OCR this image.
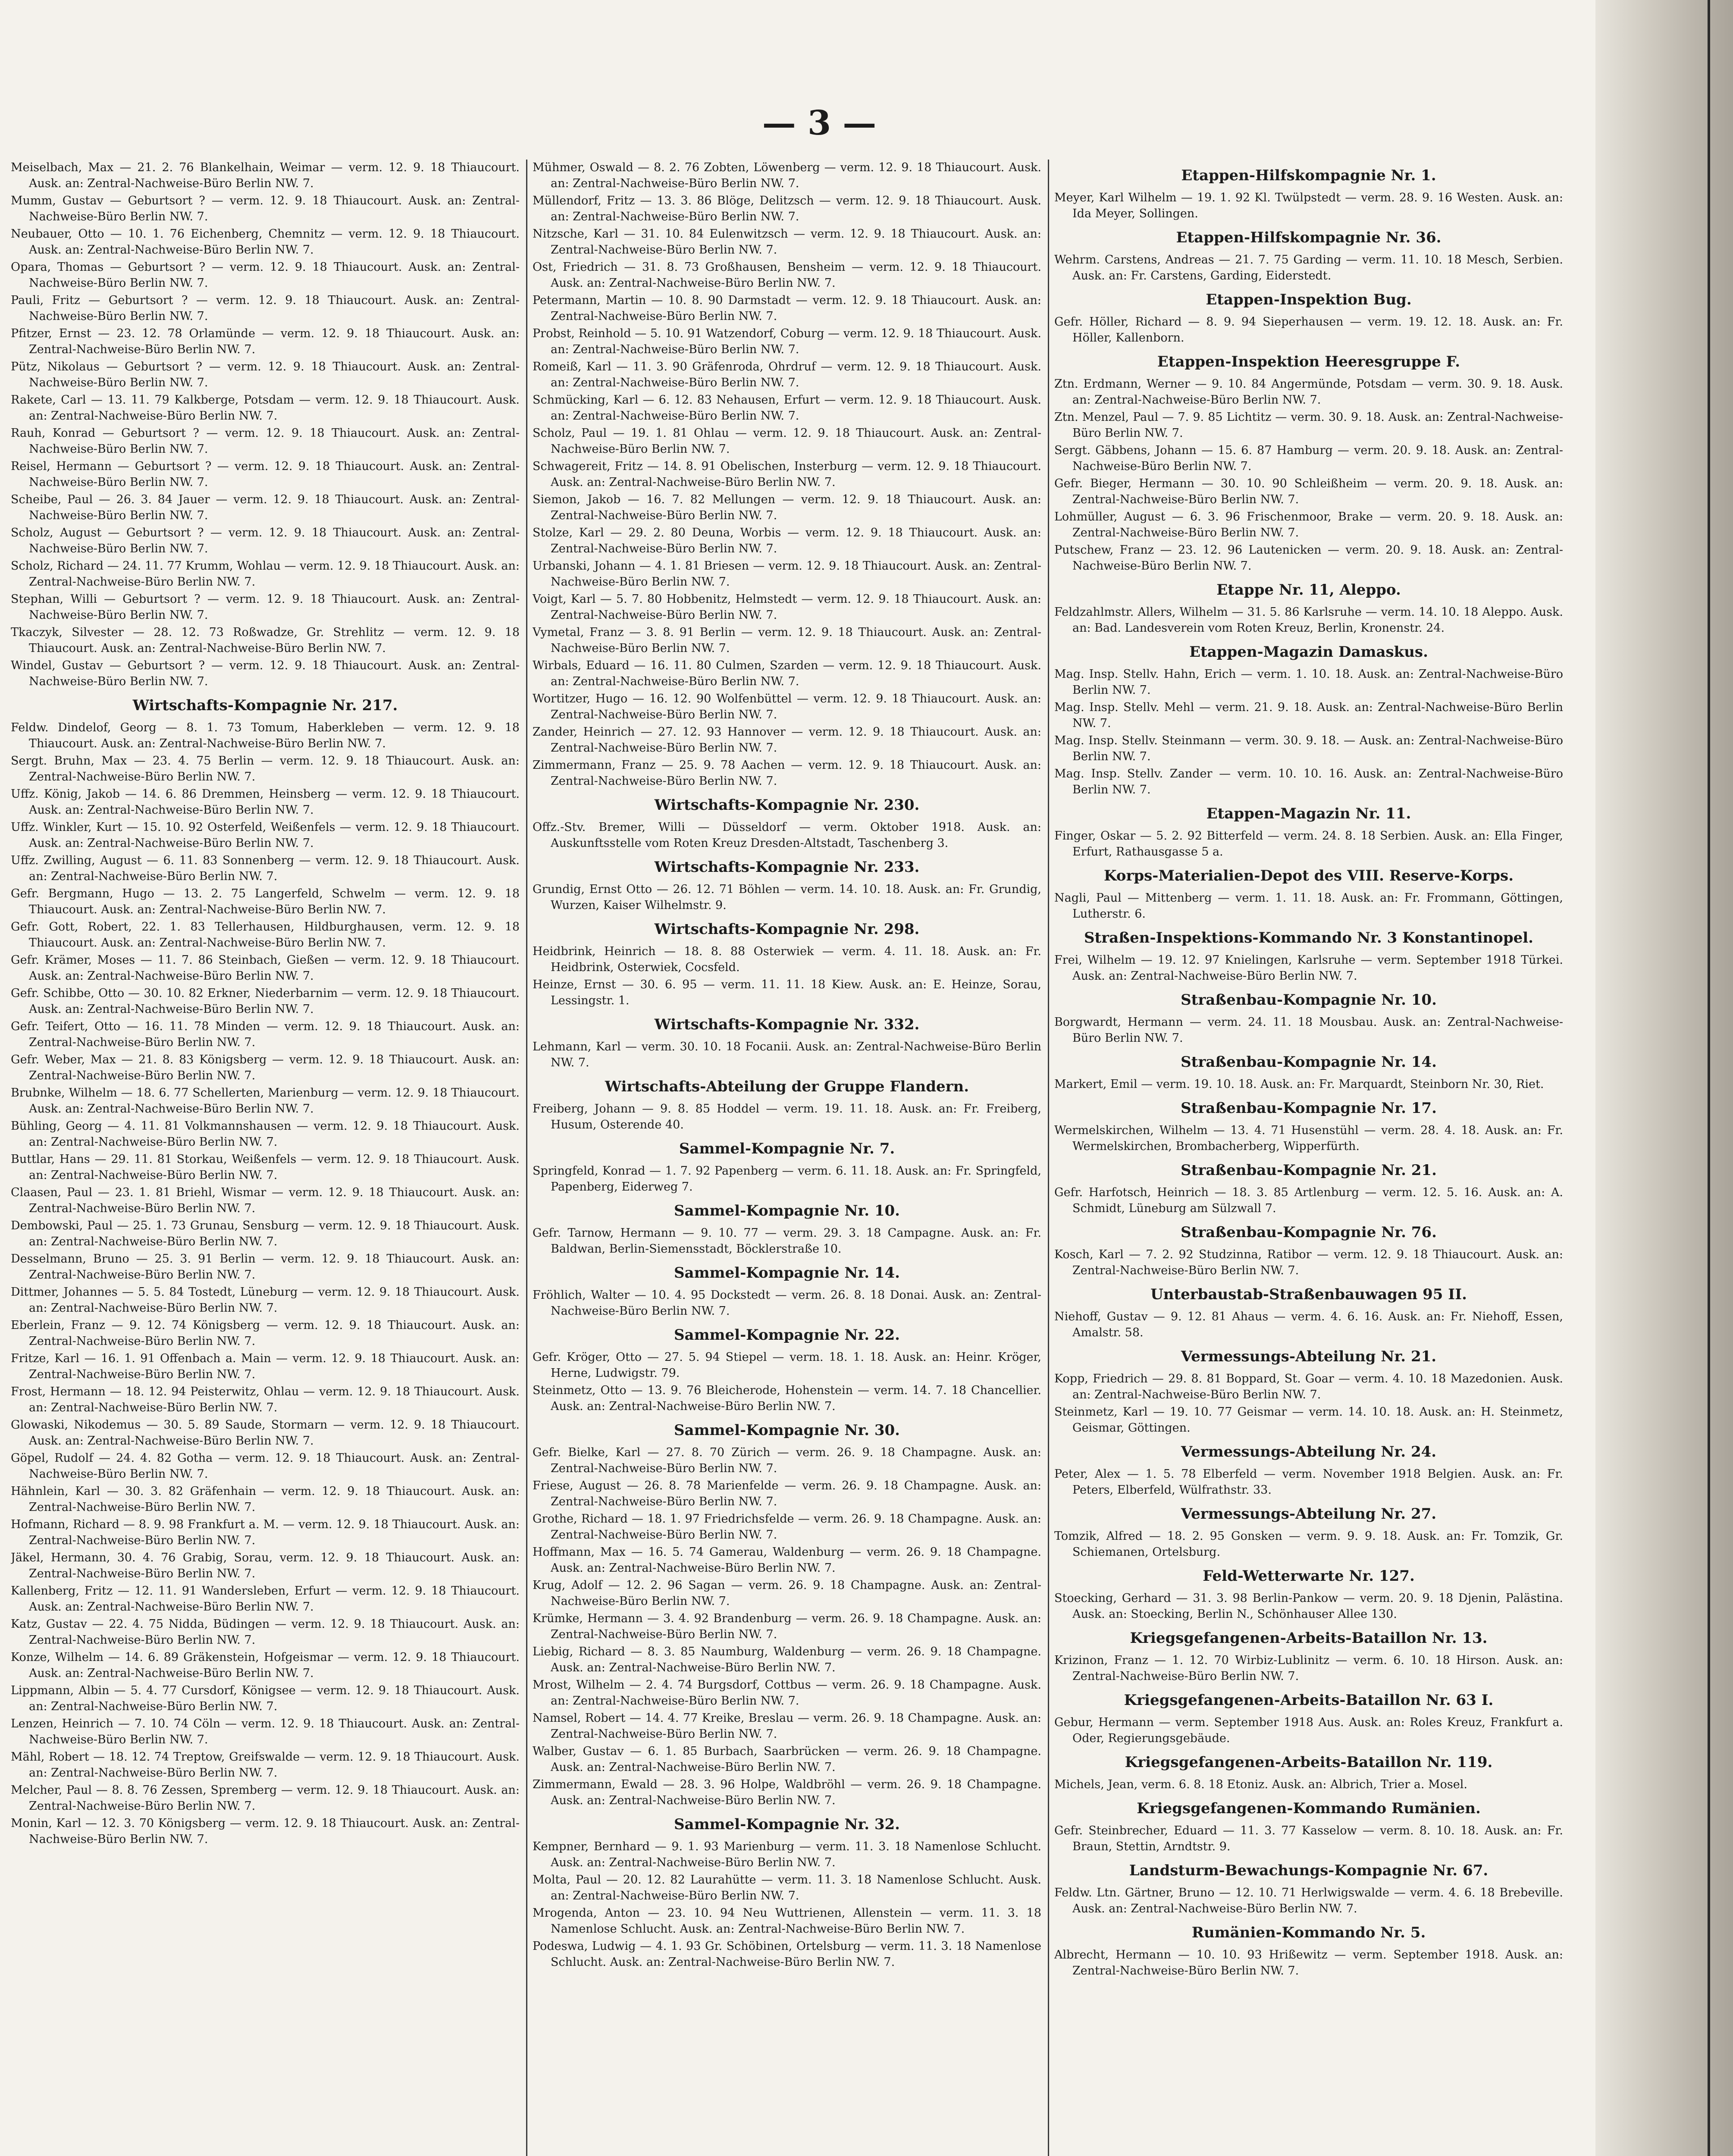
— 3 —
Meiselbach, Max — 21. 2. 76 Blankelhain, Weimar — verm. 12. 9. 18 Thiaucourt. Ausk. an: Zentral-Nachweise-Büro Berlin NW. 7.
Mumm, Gustav — Geburtsort ? — verm. 12. 9. 18 Thiaucourt. Ausk. an: Zentral-Nachweise-Büro Berlin NW. 7.
Neubauer, Otto — 10. 1. 76 Eichenberg, Chemnitz — verm. 12. 9. 18 Thiaucourt. Ausk. an: Zentral-Nachweise-Büro Berlin NW. 7.
Opara, Thomas — Geburtsort ? — verm. 12. 9. 18 Thiaucourt. Ausk. an: Zentral-Nachweise-Büro Berlin NW. 7.
Pauli, Fritz — Geburtsort ? — verm. 12. 9. 18 Thiaucourt. Ausk. an: Zentral-Nachweise-Büro Berlin NW. 7.
Pfitzer, Ernst — 23. 12. 78 Orlamünde — verm. 12. 9. 18 Thiaucourt. Ausk. an: Zentral-Nachweise-Büro Berlin NW. 7.
Pütz, Nikolaus — Geburtsort ? — verm. 12. 9. 18 Thiaucourt. Ausk. an: Zentral-Nachweise-Büro Berlin NW. 7.
Rakete, Carl — 13. 11. 79 Kalkberge, Potsdam — verm. 12. 9. 18 Thiaucourt. Ausk. an: Zentral-Nachweise-Büro Berlin NW. 7.
Rauh, Konrad — Geburtsort ? — verm. 12. 9. 18 Thiaucourt. Ausk. an: Zentral-Nachweise-Büro Berlin NW. 7.
Reisel, Hermann — Geburtsort ? — verm. 12. 9. 18 Thiaucourt. Ausk. an: Zentral-Nachweise-Büro Berlin NW. 7.
Scheibe, Paul — 26. 3. 84 Jauer — verm. 12. 9. 18 Thiaucourt. Ausk. an: Zentral-Nachweise-Büro Berlin NW. 7.
Scholz, August — Geburtsort ? — verm. 12. 9. 18 Thiaucourt. Ausk. an: Zentral-Nachweise-Büro Berlin NW. 7.
Scholz, Richard — 24. 11. 77 Krumm, Wohlau — verm. 12. 9. 18 Thiaucourt. Ausk. an: Zentral-Nachweise-Büro Berlin NW. 7.
Stephan, Willi — Geburtsort ? — verm. 12. 9. 18 Thiaucourt. Ausk. an: Zentral-Nachweise-Büro Berlin NW. 7.
Tkaczyk, Silvester — 28. 12. 73 Roßwadze, Gr. Strehlitz — verm. 12. 9. 18 Thiaucourt. Ausk. an: Zentral-Nachweise-Büro Berlin NW. 7.
Windel, Gustav — Geburtsort ? — verm. 12. 9. 18 Thiaucourt. Ausk. an: Zentral-Nachweise-Büro Berlin NW. 7.
Wirtschafts-Kompagnie Nr. 217.
Feldw. Dindelof, Georg — 8. 1. 73 Tomum, Haberkleben — verm. 12. 9. 18 Thiaucourt. Ausk. an: Zentral-Nachweise-Büro Berlin NW. 7.
Sergt. Bruhn, Max — 23. 4. 75 Berlin — verm. 12. 9. 18 Thiaucourt. Ausk. an: Zentral-Nachweise-Büro Berlin NW. 7.
Uffz. König, Jakob — 14. 6. 86 Dremmen, Heinsberg — verm. 12. 9. 18 Thiaucourt. Ausk. an: Zentral-Nachweise-Büro Berlin NW. 7.
Uffz. Winkler, Kurt — 15. 10. 92 Osterfeld, Weißenfels — verm. 12. 9. 18 Thiaucourt. Ausk. an: Zentral-Nachweise-Büro Berlin NW. 7.
Uffz. Zwilling, August — 6. 11. 83 Sonnenberg — verm. 12. 9. 18 Thiaucourt. Ausk. an: Zentral-Nachweise-Büro Berlin NW. 7.
Gefr. Bergmann, Hugo — 13. 2. 75 Langerfeld, Schwelm — verm. 12. 9. 18 Thiaucourt. Ausk. an: Zentral-Nachweise-Büro Berlin NW. 7.
Gefr. Gott, Robert, 22. 1. 83 Tellerhausen, Hildburghausen, verm. 12. 9. 18 Thiaucourt. Ausk. an: Zentral-Nachweise-Büro Berlin NW. 7.
Gefr. Krämer, Moses — 11. 7. 86 Steinbach, Gießen — verm. 12. 9. 18 Thiaucourt. Ausk. an: Zentral-Nachweise-Büro Berlin NW. 7.
Gefr. Schibbe, Otto — 30. 10. 82 Erkner, Niederbarnim — verm. 12. 9. 18 Thiaucourt. Ausk. an: Zentral-Nachweise-Büro Berlin NW. 7.
Gefr. Teifert, Otto — 16. 11. 78 Minden — verm. 12. 9. 18 Thiaucourt. Ausk. an: Zentral-Nachweise-Büro Berlin NW. 7.
Gefr. Weber, Max — 21. 8. 83 Königsberg — verm. 12. 9. 18 Thiaucourt. Ausk. an: Zentral-Nachweise-Büro Berlin NW. 7.
Brubnke, Wilhelm — 18. 6. 77 Schellerten, Marienburg — verm. 12. 9. 18 Thiaucourt. Ausk. an: Zentral-Nachweise-Büro Berlin NW. 7.
Bühling, Georg — 4. 11. 81 Volkmannshausen — verm. 12. 9. 18 Thiaucourt. Ausk. an: Zentral-Nachweise-Büro Berlin NW. 7.
Buttlar, Hans — 29. 11. 81 Storkau, Weißenfels — verm. 12. 9. 18 Thiaucourt. Ausk. an: Zentral-Nachweise-Büro Berlin NW. 7.
Claasen, Paul — 23. 1. 81 Briehl, Wismar — verm. 12. 9. 18 Thiaucourt. Ausk. an: Zentral-Nachweise-Büro Berlin NW. 7.
Dembowski, Paul — 25. 1. 73 Grunau, Sensburg — verm. 12. 9. 18 Thiaucourt. Ausk. an: Zentral-Nachweise-Büro Berlin NW. 7.
Desselmann, Bruno — 25. 3. 91 Berlin — verm. 12. 9. 18 Thiaucourt. Ausk. an: Zentral-Nachweise-Büro Berlin NW. 7.
Dittmer, Johannes — 5. 5. 84 Tostedt, Lüneburg — verm. 12. 9. 18 Thiaucourt. Ausk. an: Zentral-Nachweise-Büro Berlin NW. 7.
Eberlein, Franz — 9. 12. 74 Königsberg — verm. 12. 9. 18 Thiaucourt. Ausk. an: Zentral-Nachweise-Büro Berlin NW. 7.
Fritze, Karl — 16. 1. 91 Offenbach a. Main — verm. 12. 9. 18 Thiaucourt. Ausk. an: Zentral-Nachweise-Büro Berlin NW. 7.
Frost, Hermann — 18. 12. 94 Peisterwitz, Ohlau — verm. 12. 9. 18 Thiaucourt. Ausk. an: Zentral-Nachweise-Büro Berlin NW. 7.
Glowaski, Nikodemus — 30. 5. 89 Saude, Stormarn — verm. 12. 9. 18 Thiaucourt. Ausk. an: Zentral-Nachweise-Büro Berlin NW. 7.
Göpel, Rudolf — 24. 4. 82 Gotha — verm. 12. 9. 18 Thiaucourt. Ausk. an: Zentral-Nachweise-Büro Berlin NW. 7.
Hähnlein, Karl — 30. 3. 82 Gräfenhain — verm. 12. 9. 18 Thiaucourt. Ausk. an: Zentral-Nachweise-Büro Berlin NW. 7.
Hofmann, Richard — 8. 9. 98 Frankfurt a. M. — verm. 12. 9. 18 Thiaucourt. Ausk. an: Zentral-Nachweise-Büro Berlin NW. 7.
Jäkel, Hermann, 30. 4. 76 Grabig, Sorau, verm. 12. 9. 18 Thiaucourt. Ausk. an: Zentral-Nachweise-Büro Berlin NW. 7.
Kallenberg, Fritz — 12. 11. 91 Wandersleben, Erfurt — verm. 12. 9. 18 Thiaucourt. Ausk. an: Zentral-Nachweise-Büro Berlin NW. 7.
Katz, Gustav — 22. 4. 75 Nidda, Büdingen — verm. 12. 9. 18 Thiaucourt. Ausk. an: Zentral-Nachweise-Büro Berlin NW. 7.
Konze, Wilhelm — 14. 6. 89 Gräkenstein, Hofgeismar — verm. 12. 9. 18 Thiaucourt. Ausk. an: Zentral-Nachweise-Büro Berlin NW. 7.
Lippmann, Albin — 5. 4. 77 Cursdorf, Königsee — verm. 12. 9. 18 Thiaucourt. Ausk. an: Zentral-Nachweise-Büro Berlin NW. 7.
Lenzen, Heinrich — 7. 10. 74 Cöln — verm. 12. 9. 18 Thiaucourt. Ausk. an: Zentral-Nachweise-Büro Berlin NW. 7.
Mähl, Robert — 18. 12. 74 Treptow, Greifswalde — verm. 12. 9. 18 Thiaucourt. Ausk. an: Zentral-Nachweise-Büro Berlin NW. 7.
Melcher, Paul — 8. 8. 76 Zessen, Spremberg — verm. 12. 9. 18 Thiaucourt. Ausk. an: Zentral-Nachweise-Büro Berlin NW. 7.
Monin, Karl — 12. 3. 70 Königsberg — verm. 12. 9. 18 Thiaucourt. Ausk. an: Zentral-Nachweise-Büro Berlin NW. 7.
Mühmer, Oswald — 8. 2. 76 Zobten, Löwenberg — verm. 12. 9. 18 Thiaucourt. Ausk. an: Zentral-Nachweise-Büro Berlin NW. 7.
Müllendorf, Fritz — 13. 3. 86 Blöge, Delitzsch — verm. 12. 9. 18 Thiaucourt. Ausk. an: Zentral-Nachweise-Büro Berlin NW. 7.
Nitzsche, Karl — 31. 10. 84 Eulenwitzsch — verm. 12. 9. 18 Thiaucourt. Ausk. an: Zentral-Nachweise-Büro Berlin NW. 7.
Ost, Friedrich — 31. 8. 73 Großhausen, Bensheim — verm. 12. 9. 18 Thiaucourt. Ausk. an: Zentral-Nachweise-Büro Berlin NW. 7.
Petermann, Martin — 10. 8. 90 Darmstadt — verm. 12. 9. 18 Thiaucourt. Ausk. an: Zentral-Nachweise-Büro Berlin NW. 7.
Probst, Reinhold — 5. 10. 91 Watzendorf, Coburg — verm. 12. 9. 18 Thiaucourt. Ausk. an: Zentral-Nachweise-Büro Berlin NW. 7.
Romeiß, Karl — 11. 3. 90 Gräfenroda, Ohrdruf — verm. 12. 9. 18 Thiaucourt. Ausk. an: Zentral-Nachweise-Büro Berlin NW. 7.
Schmücking, Karl — 6. 12. 83 Nehausen, Erfurt — verm. 12. 9. 18 Thiaucourt. Ausk. an: Zentral-Nachweise-Büro Berlin NW. 7.
Scholz, Paul — 19. 1. 81 Ohlau — verm. 12. 9. 18 Thiaucourt. Ausk. an: Zentral-Nachweise-Büro Berlin NW. 7.
Schwagereit, Fritz — 14. 8. 91 Obelischen, Insterburg — verm. 12. 9. 18 Thiaucourt. Ausk. an: Zentral-Nachweise-Büro Berlin NW. 7.
Siemon, Jakob — 16. 7. 82 Mellungen — verm. 12. 9. 18 Thiaucourt. Ausk. an: Zentral-Nachweise-Büro Berlin NW. 7.
Stolze, Karl — 29. 2. 80 Deuna, Worbis — verm. 12. 9. 18 Thiaucourt. Ausk. an: Zentral-Nachweise-Büro Berlin NW. 7.
Urbanski, Johann — 4. 1. 81 Briesen — verm. 12. 9. 18 Thiaucourt. Ausk. an: Zentral-Nachweise-Büro Berlin NW. 7.
Voigt, Karl — 5. 7. 80 Hobbenitz, Helmstedt — verm. 12. 9. 18 Thiaucourt. Ausk. an: Zentral-Nachweise-Büro Berlin NW. 7.
Vymetal, Franz — 3. 8. 91 Berlin — verm. 12. 9. 18 Thiaucourt. Ausk. an: Zentral-Nachweise-Büro Berlin NW. 7.
Wirbals, Eduard — 16. 11. 80 Culmen, Szarden — verm. 12. 9. 18 Thiaucourt. Ausk. an: Zentral-Nachweise-Büro Berlin NW. 7.
Wortitzer, Hugo — 16. 12. 90 Wolfenbüttel — verm. 12. 9. 18 Thiaucourt. Ausk. an: Zentral-Nachweise-Büro Berlin NW. 7.
Zander, Heinrich — 27. 12. 93 Hannover — verm. 12. 9. 18 Thiaucourt. Ausk. an: Zentral-Nachweise-Büro Berlin NW. 7.
Zimmermann, Franz — 25. 9. 78 Aachen — verm. 12. 9. 18 Thiaucourt. Ausk. an: Zentral-Nachweise-Büro Berlin NW. 7.
Wirtschafts-Kompagnie Nr. 230.
Offz.-Stv. Bremer, Willi — Düsseldorf — verm. Oktober 1918. Ausk. an: Auskunftsstelle vom Roten Kreuz Dresden-Altstadt, Taschenberg 3.
Wirtschafts-Kompagnie Nr. 233.
Grundig, Ernst Otto — 26. 12. 71 Böhlen — verm. 14. 10. 18. Ausk. an: Fr. Grundig, Wurzen, Kaiser Wilhelmstr. 9.
Wirtschafts-Kompagnie Nr. 298.
Heidbrink, Heinrich — 18. 8. 88 Osterwiek — verm. 4. 11. 18. Ausk. an: Fr. Heidbrink, Osterwiek, Cocsfeld.
Heinze, Ernst — 30. 6. 95 — verm. 11. 11. 18 Kiew. Ausk. an: E. Heinze, Sorau, Lessingstr. 1.
Wirtschafts-Kompagnie Nr. 332.
Lehmann, Karl — verm. 30. 10. 18 Focanii. Ausk. an: Zentral-Nachweise-Büro Berlin NW. 7.
Wirtschafts-Abteilung der Gruppe Flandern.
Freiberg, Johann — 9. 8. 85 Hoddel — verm. 19. 11. 18. Ausk. an: Fr. Freiberg, Husum, Osterende 40.
Sammel-Kompagnie Nr. 7.
Springfeld, Konrad — 1. 7. 92 Papenberg — verm. 6. 11. 18. Ausk. an: Fr. Springfeld, Papenberg, Eiderweg 7.
Sammel-Kompagnie Nr. 10.
Gefr. Tarnow, Hermann — 9. 10. 77 — verm. 29. 3. 18 Campagne. Ausk. an: Fr. Baldwan, Berlin-Siemensstadt, Böcklerstraße 10.
Sammel-Kompagnie Nr. 14.
Fröhlich, Walter — 10. 4. 95 Dockstedt — verm. 26. 8. 18 Donai. Ausk. an: Zentral-Nachweise-Büro Berlin NW. 7.
Sammel-Kompagnie Nr. 22.
Gefr. Kröger, Otto — 27. 5. 94 Stiepel — verm. 18. 1. 18. Ausk. an: Heinr. Kröger, Herne, Ludwigstr. 79.
Steinmetz, Otto — 13. 9. 76 Bleicherode, Hohenstein — verm. 14. 7. 18 Chancellier. Ausk. an: Zentral-Nachweise-Büro Berlin NW. 7.
Sammel-Kompagnie Nr. 30.
Gefr. Bielke, Karl — 27. 8. 70 Zürich — verm. 26. 9. 18 Champagne. Ausk. an: Zentral-Nachweise-Büro Berlin NW. 7.
Friese, August — 26. 8. 78 Marienfelde — verm. 26. 9. 18 Champagne. Ausk. an: Zentral-Nachweise-Büro Berlin NW. 7.
Grothe, Richard — 18. 1. 97 Friedrichsfelde — verm. 26. 9. 18 Champagne. Ausk. an: Zentral-Nachweise-Büro Berlin NW. 7.
Hoffmann, Max — 16. 5. 74 Gamerau, Waldenburg — verm. 26. 9. 18 Champagne. Ausk. an: Zentral-Nachweise-Büro Berlin NW. 7.
Krug, Adolf — 12. 2. 96 Sagan — verm. 26. 9. 18 Champagne. Ausk. an: Zentral-Nachweise-Büro Berlin NW. 7.
Krümke, Hermann — 3. 4. 92 Brandenburg — verm. 26. 9. 18 Champagne. Ausk. an: Zentral-Nachweise-Büro Berlin NW. 7.
Liebig, Richard — 8. 3. 85 Naumburg, Waldenburg — verm. 26. 9. 18 Champagne. Ausk. an: Zentral-Nachweise-Büro Berlin NW. 7.
Mrost, Wilhelm — 2. 4. 74 Burgsdorf, Cottbus — verm. 26. 9. 18 Champagne. Ausk. an: Zentral-Nachweise-Büro Berlin NW. 7.
Namsel, Robert — 14. 4. 77 Kreike, Breslau — verm. 26. 9. 18 Champagne. Ausk. an: Zentral-Nachweise-Büro Berlin NW. 7.
Walber, Gustav — 6. 1. 85 Burbach, Saarbrücken — verm. 26. 9. 18 Champagne. Ausk. an: Zentral-Nachweise-Büro Berlin NW. 7.
Zimmermann, Ewald — 28. 3. 96 Holpe, Waldbröhl — verm. 26. 9. 18 Champagne. Ausk. an: Zentral-Nachweise-Büro Berlin NW. 7.
Sammel-Kompagnie Nr. 32.
Kempner, Bernhard — 9. 1. 93 Marienburg — verm. 11. 3. 18 Namenlose Schlucht. Ausk. an: Zentral-Nachweise-Büro Berlin NW. 7.
Molta, Paul — 20. 12. 82 Laurahütte — verm. 11. 3. 18 Namenlose Schlucht. Ausk. an: Zentral-Nachweise-Büro Berlin NW. 7.
Mrogenda, Anton — 23. 10. 94 Neu Wuttrienen, Allenstein — verm. 11. 3. 18 Namenlose Schlucht. Ausk. an: Zentral-Nachweise-Büro Berlin NW. 7.
Podeswa, Ludwig — 4. 1. 93 Gr. Schöbinen, Ortelsburg — verm. 11. 3. 18 Namenlose Schlucht. Ausk. an: Zentral-Nachweise-Büro Berlin NW. 7.
Etappen-Hilfskompagnie Nr. 1.
Meyer, Karl Wilhelm — 19. 1. 92 Kl. Twülpstedt — verm. 28. 9. 16 Westen. Ausk. an: Ida Meyer, Sollingen.
Etappen-Hilfskompagnie Nr. 36.
Wehrm. Carstens, Andreas — 21. 7. 75 Garding — verm. 11. 10. 18 Mesch, Serbien. Ausk. an: Fr. Carstens, Garding, Eiderstedt.
Etappen-Inspektion Bug.
Gefr. Höller, Richard — 8. 9. 94 Sieperhausen — verm. 19. 12. 18. Ausk. an: Fr. Höller, Kallenborn.
Etappen-Inspektion Heeresgruppe F.
Ztn. Erdmann, Werner — 9. 10. 84 Angermünde, Potsdam — verm. 30. 9. 18. Ausk. an: Zentral-Nachweise-Büro Berlin NW. 7.
Ztn. Menzel, Paul — 7. 9. 85 Lichtitz — verm. 30. 9. 18. Ausk. an: Zentral-Nachweise-Büro Berlin NW. 7.
Sergt. Gäbbens, Johann — 15. 6. 87 Hamburg — verm. 20. 9. 18. Ausk. an: Zentral-Nachweise-Büro Berlin NW. 7.
Gefr. Bieger, Hermann — 30. 10. 90 Schleißheim — verm. 20. 9. 18. Ausk. an: Zentral-Nachweise-Büro Berlin NW. 7.
Lohmüller, August — 6. 3. 96 Frischenmoor, Brake — verm. 20. 9. 18. Ausk. an: Zentral-Nachweise-Büro Berlin NW. 7.
Putschew, Franz — 23. 12. 96 Lautenicken — verm. 20. 9. 18. Ausk. an: Zentral-Nachweise-Büro Berlin NW. 7.
Etappe Nr. 11, Aleppo.
Feldzahlmstr. Allers, Wilhelm — 31. 5. 86 Karlsruhe — verm. 14. 10. 18 Aleppo. Ausk. an: Bad. Landesverein vom Roten Kreuz, Berlin, Kronenstr. 24.
Etappen-Magazin Damaskus.
Mag. Insp. Stellv. Hahn, Erich — verm. 1. 10. 18. Ausk. an: Zentral-Nachweise-Büro Berlin NW. 7.
Mag. Insp. Stellv. Mehl — verm. 21. 9. 18. Ausk. an: Zentral-Nachweise-Büro Berlin NW. 7.
Mag. Insp. Stellv. Steinmann — verm. 30. 9. 18. — Ausk. an: Zentral-Nachweise-Büro Berlin NW. 7.
Mag. Insp. Stellv. Zander — verm. 10. 10. 16. Ausk. an: Zentral-Nachweise-Büro Berlin NW. 7.
Etappen-Magazin Nr. 11.
Finger, Oskar — 5. 2. 92 Bitterfeld — verm. 24. 8. 18 Serbien. Ausk. an: Ella Finger, Erfurt, Rathausgasse 5 a.
Korps-Materialien-Depot des VIII. Reserve-Korps.
Nagli, Paul — Mittenberg — verm. 1. 11. 18. Ausk. an: Fr. Frommann, Göttingen, Lutherstr. 6.
Straßen-Inspektions-Kommando Nr. 3 Konstantinopel.
Frei, Wilhelm — 19. 12. 97 Knielingen, Karlsruhe — verm. September 1918 Türkei. Ausk. an: Zentral-Nachweise-Büro Berlin NW. 7.
Straßenbau-Kompagnie Nr. 10.
Borgwardt, Hermann — verm. 24. 11. 18 Mousbau. Ausk. an: Zentral-Nachweise-Büro Berlin NW. 7.
Straßenbau-Kompagnie Nr. 14.
Markert, Emil — verm. 19. 10. 18. Ausk. an: Fr. Marquardt, Steinborn Nr. 30, Riet.
Straßenbau-Kompagnie Nr. 17.
Wermelskirchen, Wilhelm — 13. 4. 71 Husenstühl — verm. 28. 4. 18. Ausk. an: Fr. Wermelskirchen, Brombacherberg, Wipperfürth.
Straßenbau-Kompagnie Nr. 21.
Gefr. Harfotsch, Heinrich — 18. 3. 85 Artlenburg — verm. 12. 5. 16. Ausk. an: A. Schmidt, Lüneburg am Sülzwall 7.
Straßenbau-Kompagnie Nr. 76.
Kosch, Karl — 7. 2. 92 Studzinna, Ratibor — verm. 12. 9. 18 Thiaucourt. Ausk. an: Zentral-Nachweise-Büro Berlin NW. 7.
Unterbaustab-Straßenbauwagen 95 II.
Niehoff, Gustav — 9. 12. 81 Ahaus — verm. 4. 6. 16. Ausk. an: Fr. Niehoff, Essen, Amalstr. 58.
Vermessungs-Abteilung Nr. 21.
Kopp, Friedrich — 29. 8. 81 Boppard, St. Goar — verm. 4. 10. 18 Mazedonien. Ausk. an: Zentral-Nachweise-Büro Berlin NW. 7.
Steinmetz, Karl — 19. 10. 77 Geismar — verm. 14. 10. 18. Ausk. an: H. Steinmetz, Geismar, Göttingen.
Vermessungs-Abteilung Nr. 24.
Peter, Alex — 1. 5. 78 Elberfeld — verm. November 1918 Belgien. Ausk. an: Fr. Peters, Elberfeld, Wülfrathstr. 33.
Vermessungs-Abteilung Nr. 27.
Tomzik, Alfred — 18. 2. 95 Gonsken — verm. 9. 9. 18. Ausk. an: Fr. Tomzik, Gr. Schiemanen, Ortelsburg.
Feld-Wetterwarte Nr. 127.
Stoecking, Gerhard — 31. 3. 98 Berlin-Pankow — verm. 20. 9. 18 Djenin, Palästina. Ausk. an: Stoecking, Berlin N., Schönhauser Allee 130.
Kriegsgefangenen-Arbeits-Bataillon Nr. 13.
Krizinon, Franz — 1. 12. 70 Wirbiz-Lublinitz — verm. 6. 10. 18 Hirson. Ausk. an: Zentral-Nachweise-Büro Berlin NW. 7.
Kriegsgefangenen-Arbeits-Bataillon Nr. 63 I.
Gebur, Hermann — verm. September 1918 Aus. Ausk. an: Roles Kreuz, Frankfurt a. Oder, Regierungsgebäude.
Kriegsgefangenen-Arbeits-Bataillon Nr. 119.
Michels, Jean, verm. 6. 8. 18 Etoniz. Ausk. an: Albrich, Trier a. Mosel.
Kriegsgefangenen-Kommando Rumänien.
Gefr. Steinbrecher, Eduard — 11. 3. 77 Kasselow — verm. 8. 10. 18. Ausk. an: Fr. Braun, Stettin, Arndtstr. 9.
Landsturm-Bewachungs-Kompagnie Nr. 67.
Feldw. Ltn. Gärtner, Bruno — 12. 10. 71 Herlwigswalde — verm. 4. 6. 18 Brebeville. Ausk. an: Zentral-Nachweise-Büro Berlin NW. 7.
Rumänien-Kommando Nr. 5.
Albrecht, Hermann — 10. 10. 93 Hrißewitz — verm. September 1918. Ausk. an: Zentral-Nachweise-Büro Berlin NW. 7.
